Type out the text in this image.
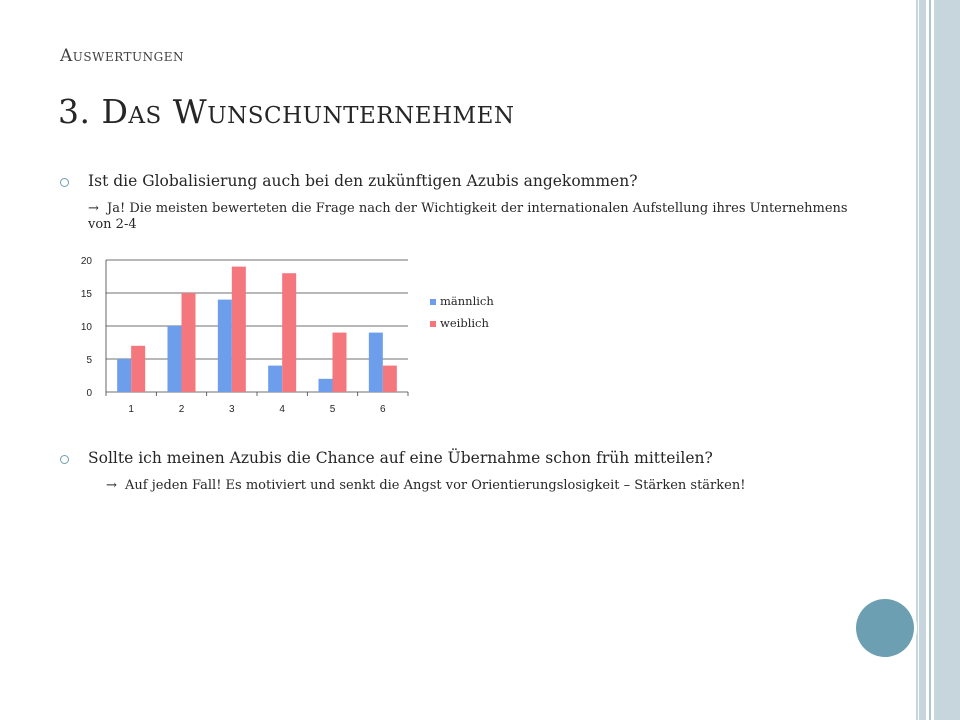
Auswertungen
3. Das Wunschunternehmen
Ist die Globalisierung auch bei den zukünftigen Azubis angekommen?
→ Ja! Die meisten bewerteten die Frage nach der Wichtigkeit der internationalen Aufstellung ihres Unternehmens von 2-4
0
5
10
15
20
1	2	3	4	5	6
männlich
weiblich
Sollte ich meinen Azubis die Chance auf eine Übernahme schon früh mitteilen?
→ Auf jeden Fall! Es motiviert und senkt die Angst vor Orientierungslosigkeit – Stärken stärken!
